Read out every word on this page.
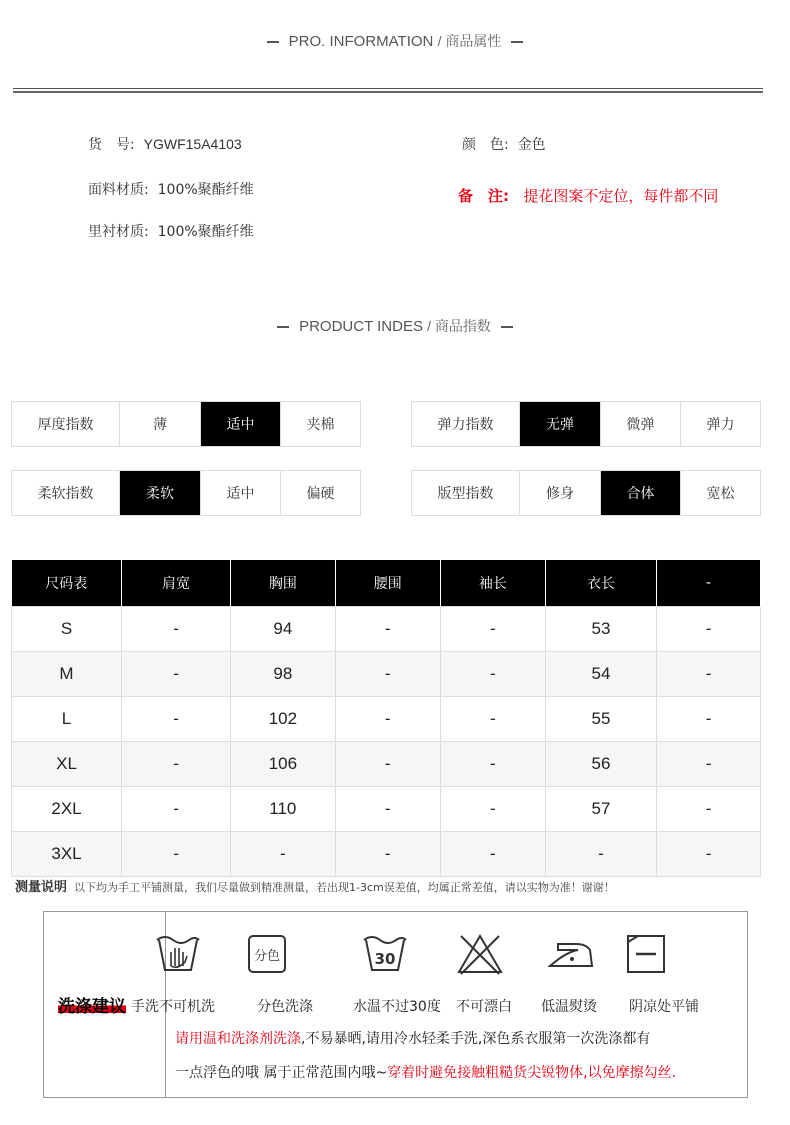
PRO. INFORMATION / 商品属性
货　号: YGWF15A4103
面料材质: 100%聚酯纤维
里衬材质: 100%聚酯纤维
颜　色: 金色
备　注: 提花图案不定位，每件都不同
PRODUCT INDES / 商品指数
厚度指数	薄	适中	夹棉	弹力指数	无弹	微弹	弹力
柔软指数	柔软	适中	偏硬	版型指数	修身	合体	宽松
尺码表	肩宽	胸围	腰围	袖长	衣长	-
S	-	94	-	-	53	-
M	-	98	-	-	54	-
L	-	102	-	-	55	-
XL	-	106	-	-	56	-
2XL	-	110	-	-	57	-
3XL	-	-	-	-	-	-
测量说明 以下均为手工平铺测量，我们尽量做到精准测量，若出现1-3cm误差值，均属正常差值，请以实物为准！谢谢！
洗涤建议 手洗不可机洗
分色
分色洗涤
30
水温不过30度 不可漂白 低温熨烫 阴凉处平铺
请用温和洗涤剂洗涤,不易暴晒,请用冷水轻柔手洗,深色系衣服第一次洗涤都有
一点浮色的哦 属于正常范围内哦~穿着时避免接触粗糙货尖锐物体,以免摩擦勾丝.
